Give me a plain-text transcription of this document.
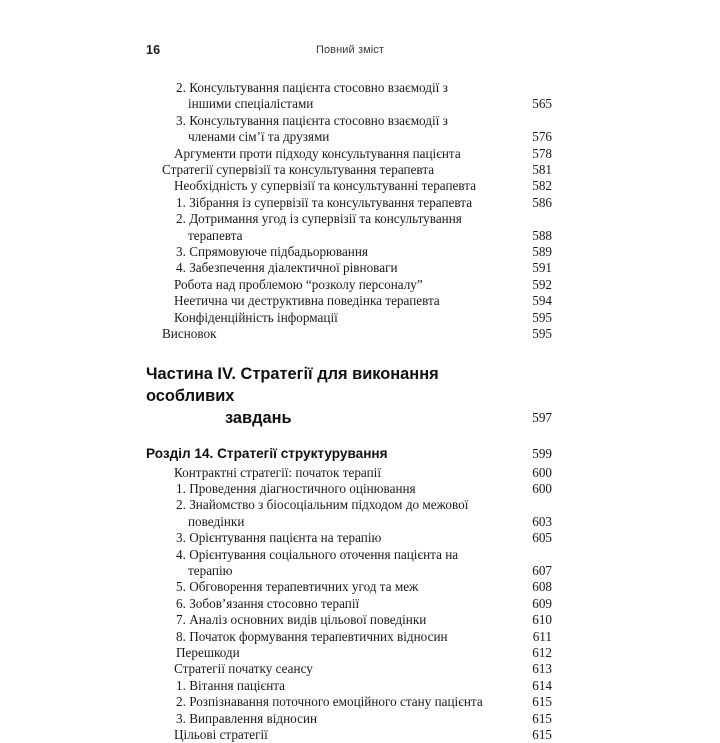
16	Повний зміст
2. Консультування пацієнта стосовно взаємодії з іншими спеціалістами	565
3. Консультування пацієнта стосовно взаємодії з членами сім’ї та друзями	576
Аргументи проти підходу консультування пацієнта	578
Стратегії супервізії та консультування терапевта	581
Необхідність у супервізії та консультуванні терапевта	582
1. Зібрання із супервізії та консультування терапевта	586
2. Дотримання угод із супервізії та консультування терапевта	588
3. Спрямовуюче підбадьорювання	589
4. Забезпечення діалектичної рівноваги	591
Робота над проблемою “розколу персоналу”	592
Неетична чи деструктивна поведінка терапевта	594
Конфіденційність інформації	595
Висновок	595
Частина IV. Стратегії для виконання особливих
завдань	597
Розділ 14. Стратегії структурування	599
Контрактні стратегії: початок терапії	600
1. Проведення діагностичного оцінювання	600
2. Знайомство з біосоціальним підходом до межової поведінки	603
3. Орієнтування пацієнта на терапію	605
4. Орієнтування соціального оточення пацієнта на терапію	607
5. Обговорення терапевтичних угод та меж	608
6. Зобов’язання стосовно терапії	609
7. Аналіз основних видів цільової поведінки	610
8. Початок формування терапевтичних відносин	611
Перешкоди	612
Стратегії початку сеансу	613
1. Вітання пацієнта	614
2. Розпізнавання поточного емоційного стану пацієнта	615
3. Виправлення відносин	615
Цільові стратегії	615
